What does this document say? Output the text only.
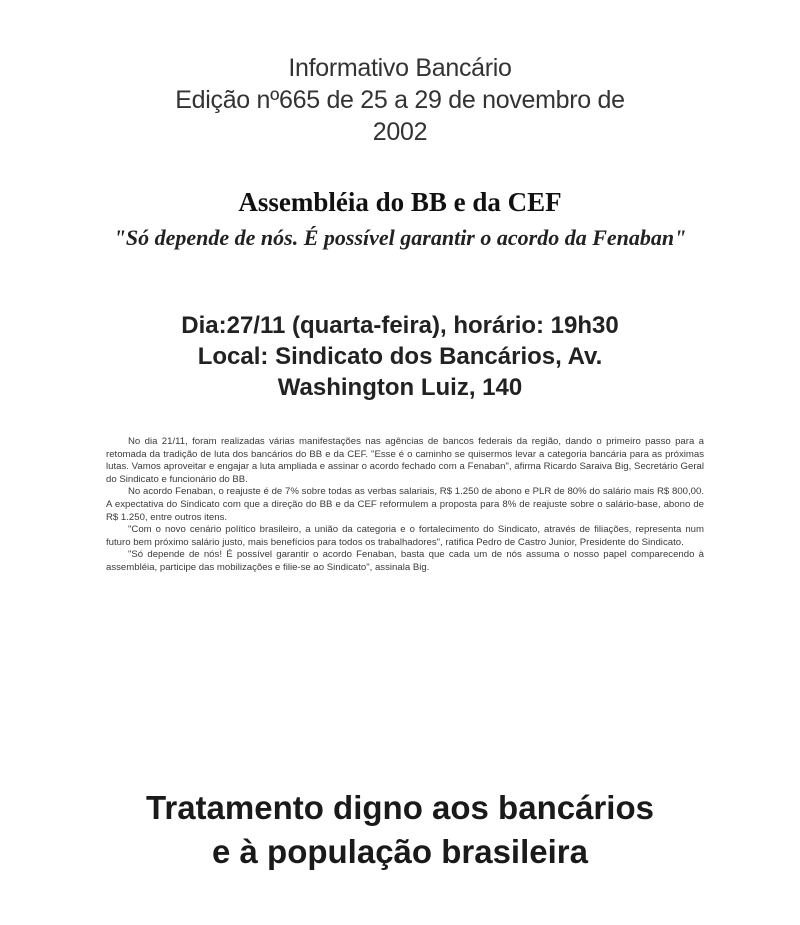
Informativo Bancário
Edição nº665 de 25 a 29 de novembro de
2002
Assembléia do BB e da CEF
"Só depende de nós. É possível garantir o acordo da Fenaban"
Dia:27/11 (quarta-feira), horário: 19h30
Local: Sindicato dos Bancários, Av.
Washington Luiz, 140

No dia 21/11, foram realizadas várias manifestações nas agências de bancos federais da região, dando o primeiro passo para a retomada da tradição de luta dos bancários do BB e da CEF. "Esse é o caminho se quisermos levar a categoria bancária para as próximas lutas. Vamos aproveitar e engajar a luta ampliada e assinar o acordo fechado com a Fenaban", afirma Ricardo Saraiva Big, Secretário Geral do Sindicato e funcionário do BB.

No acordo Fenaban, o reajuste é de 7% sobre todas as verbas salariais, R$ 1.250 de abono e PLR de 80% do salário mais R$ 800,00. A expectativa do Sindicato com que a direção do BB e da CEF reformulem a proposta para 8% de reajuste sobre o salário-base, abono de R$ 1.250, entre outros itens.

"Com o novo cenário político brasileiro, a união da categoria e o fortalecimento do Sindicato, através de filiações, representa num futuro bem próximo salário justo, mais benefícios para todos os trabalhadores", ratifica Pedro de Castro Junior, Presidente do Sindicato.

"Só depende de nós! É possível garantir o acordo Fenaban, basta que cada um de nós assuma o nosso papel comparecendo à assembléia, participe das mobilizações e filie-se ao Sindicato", assinala Big.

Tratamento digno aos bancários
e à população brasileira
